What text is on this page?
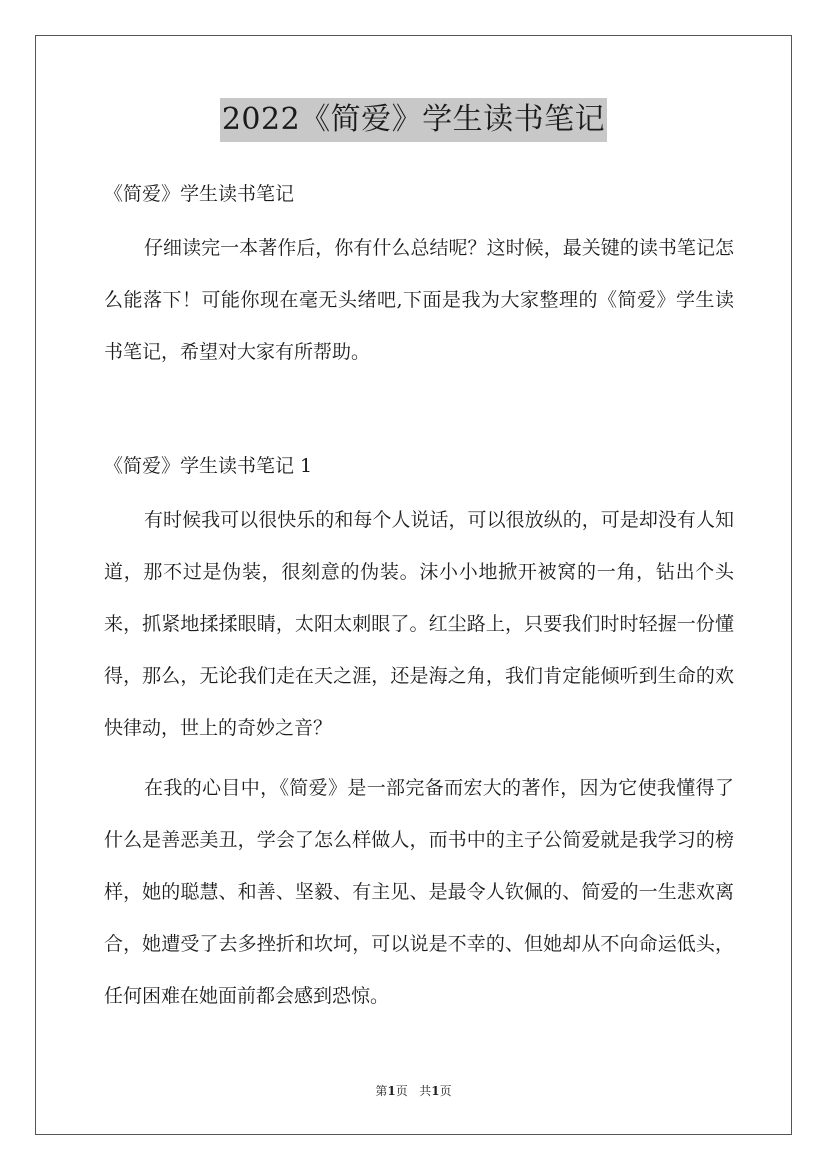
2022《简爱》学生读书笔记

《简爱》学生读书笔记

仔细读完一本著作后，你有什么总结呢？这时候，最关键的读书笔记怎么能落下！可能你现在毫无头绪吧,下面是我为大家整理的《简爱》学生读书笔记，希望对大家有所帮助。

《简爱》学生读书笔记 1

有时候我可以很快乐的和每个人说话，可以很放纵的，可是却没有人知道，那不过是伪装，很刻意的伪装。沫小小地掀开被窝的一角，钻出个头来，抓紧地揉揉眼睛，太阳太刺眼了。红尘路上，只要我们时时轻握一份懂得，那么，无论我们走在天之涯，还是海之角，我们肯定能倾听到生命的欢快律动，世上的奇妙之音？

在我的心目中，《简爱》是一部完备而宏大的著作，因为它使我懂得了什么是善恶美丑，学会了怎么样做人，而书中的主子公简爱就是我学习的榜样，她的聪慧、和善、坚毅、有主见、是最令人钦佩的、简爱的一生悲欢离合，她遭受了去多挫折和坎坷，可以说是不幸的、但她却从不向命运低头，任何困难在她面前都会感到恐惊。

第1页 共1页
